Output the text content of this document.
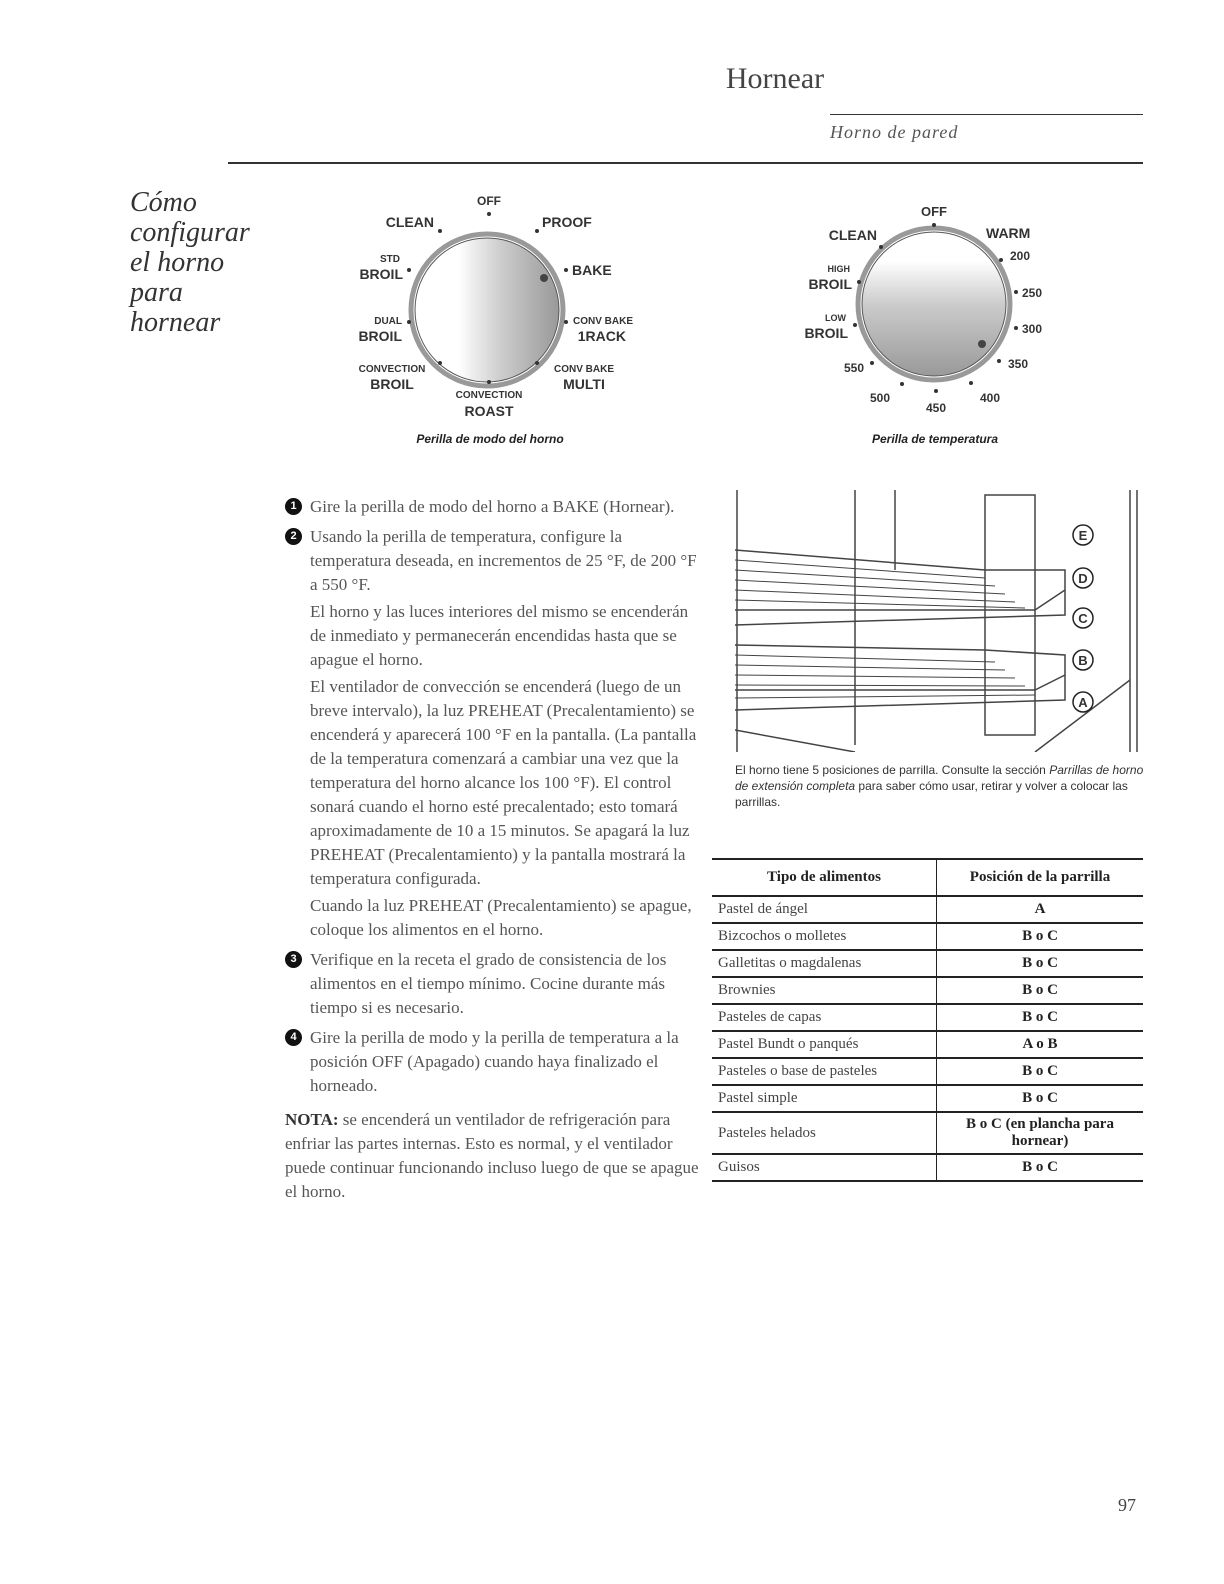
Hornear
Horno de pared
Cómo configurar el horno para hornear
OFF
CLEAN	PROOF
STD
BROIL	BAKE
DUAL
BROIL
CONV BAKE
1RACK
CONVECTION
BROIL
CONV BAKE
MULTI
CONVECTION
ROAST
Perilla de modo del horno
OFF
CLEAN	WARM
200
HIGH
BROIL
250
LOW
BROIL	300
350
550
500
450
400
Perilla de temperatura
1 Gire la perilla de modo del horno a BAKE (Hornear).

2 Usando la perilla de temperatura, configure la temperatura deseada, en incrementos de 25 °F, de 200 °F a 550 °F.

El horno y las luces interiores del mismo se encenderán de inmediato y permanecerán encendidas hasta que se apague el horno.

El ventilador de convección se encenderá (luego de un breve intervalo), la luz PREHEAT (Precalentamiento) se encenderá y aparecerá 100 °F en la pantalla. (La pantalla de la temperatura comenzará a cambiar una vez que la temperatura del horno alcance los 100 °F). El control sonará cuando el horno esté precalentado; esto tomará aproximadamente de 10 a 15 minutos. Se apagará la luz PREHEAT (Precalentamiento) y la pantalla mostrará la temperatura configurada.

Cuando la luz PREHEAT (Precalentamiento) se apague, coloque los alimentos en el horno.

3 Verifique en la receta el grado de consistencia de los alimentos en el tiempo mínimo. Cocine durante más tiempo si es necesario.

4 Gire la perilla de modo y la perilla de temperatura a la posición OFF (Apagado) cuando haya finalizado el horneado.

NOTA: se encenderá un ventilador de refrigeración para enfriar las partes internas. Esto es normal, y el ventilador puede continuar funcionando incluso luego de que se apague el horno.
E
D
C
B
A
El horno tiene 5 posiciones de parrilla. Consulte la sección Parrillas de horno de extensión completa para saber cómo usar, retirar y volver a colocar las parrillas.
Tipo de alimentos	Posición de la parrilla
Pastel de ángel	A
Bizcochos o molletes	B o C
Galletitas o magdalenas	B o C
Brownies	B o C
Pasteles de capas	B o C
Pastel Bundt o panqués	A o B
Pasteles o base de pasteles	B o C
Pastel simple	B o C
Pasteles helados	B o C (en plancha para hornear)
Guisos	B o C
97
